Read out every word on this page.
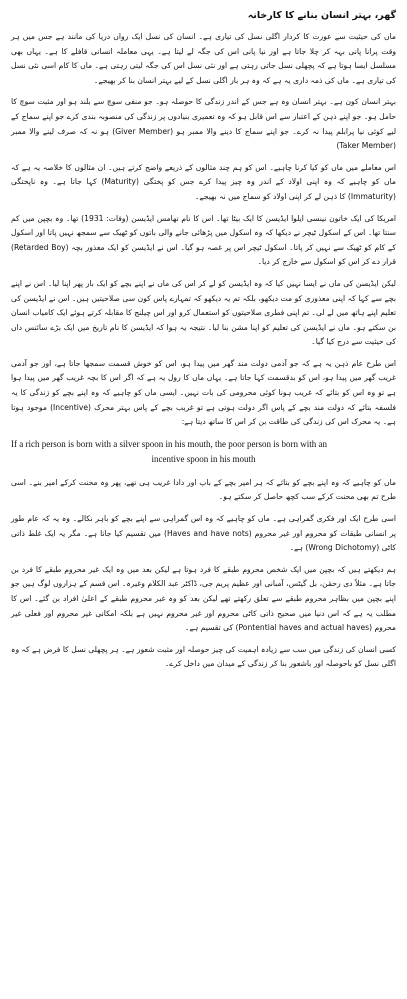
گھر، بہتر انسان بنانے کا کارخانہ

ماں کی حیثیت سے عورت کا کردار اگلی نسل کی تیاری ہے۔ انسان کی نسل ایک رواں دریا کی مانند ہے جس میں ہر وقت پرانا پانی بہہ کر چلا جاتا ہے اور نیا پانی اس کی جگہ لے لیتا ہے۔ یہی معاملہ انسانی قافلے کا ہے۔ یہاں بھی مسلسل ایسا ہوتا ہے کہ پچھلی نسل جاتی رہتی ہے اور نئی نسل اس کی جگہ لیتی رہتی ہے۔ ماں کا کام اسی نئی نسل کی تیاری ہے۔ ماں کی ذمہ داری یہ ہے کہ وہ ہر بار اگلی نسل کے لیے بہتر انسان بنا کر بھیجے۔

بہتر انسان کون ہے۔ بہتر انسان وہ ہے جس کے اندر زندگی کا حوصلہ ہو۔ جو منفی سوچ سے بلند ہو اور مثبت سوچ کا حامل ہو۔ جو اپنے ذہن کے اعتبار سے اس قابل ہو کہ وہ تعمیری بنیادوں پر زندگی کی منصوبہ بندی کرے جو اپنے سماج کے لیے کوئی نیا پرابلم پیدا نہ کرے۔ جو اپنے سماج کا دینے والا ممبر ہو (Giver Member) ہو نہ کہ صرف لینے والا ممبر (Taker Member)

اس معاملے میں ماں کو کیا کرنا چاہیے۔ اس کو ہم چند مثالوں کے ذریعے واضح کرتے ہیں۔ ان مثالوں کا خلاصہ یہ ہے کہ ماں کو چاہیے کہ وہ اپنی اولاد کے اندر وہ چیز پیدا کرے جس کو پختگی (Maturity) کہا جاتا ہے۔ وہ ناپختگی (Immaturity) کا ذہن لے کر اپنی اولاد کو سماج میں نہ بھیجے۔

امریکا کی ایک خاتون نینسی ایلوا ایڈیسن کا ایک بیٹا تھا۔ اس کا نام تھامس ایڈیسن (وفات: 1931) تھا۔ وہ بچپن میں کم سنتا تھا۔ اس کے اسکول ٹیچر نے دیکھا کہ وہ اسکول میں پڑھائی جانے والی باتوں کو ٹھیک سے سمجھ نہیں پاتا اور اسکول کے کام کو ٹھیک سے نہیں کر پاتا۔ اسکول ٹیچر اس پر غصہ ہو گیا۔ اس نے ایڈیسن کو ایک معذور بچہ (Retarded Boy) قرار دے کر اس کو اسکول سے خارج کر دیا۔

لیکن ایڈیسن کی ماں نے ایسا نہیں کیا کہ وہ ایڈیسن کو لے کر اس کی ماں نے اپنے بچے کو ایک بار پھر اپنا لیا۔ اس نے اپنے بچے سے کہا کہ اپنی معذوری کو مت دیکھو، بلکہ تم یہ دیکھو کہ تمہارے پاس کون سی صلاحیتیں ہیں۔ اس نے ایڈیسن کی تعلیم اپنے ہاتھ میں لے لی۔ تم اپنی فطری صلاحیتوں کو استعمال کرو اور اس چیلنج کا مقابلہ کرتے ہوئے ایک کامیاب انسان بن سکتے ہو۔ ماں نے ایڈیسن کی تعلیم کو اپنا مشن بنا لیا۔ نتیجہ یہ ہوا کہ ایڈیسن کا نام تاریخ میں ایک بڑے سائنس داں کی حیثیت سے درج کیا گیا۔

اس طرح عام ذہن یہ ہے کہ جو آدمی دولت مند گھر میں پیدا ہو، اس کو خوش قسمت سمجھا جاتا ہے، اور جو آدمی غریب گھر میں پیدا ہو، اس کو بدقسمت کہا جاتا ہے۔ یہاں ماں کا رول یہ ہے کہ اگر اس کا بچہ غریب گھر میں پیدا ہوا ہے تو وہ اس کو بتائے کہ غریب ہونا کوئی محرومی کی بات نہیں۔ ایسی ماں کو چاہیے کہ وہ اپنے بچے کو زندگی کا یہ فلسفہ بتائے کہ دولت مند بچے کے پاس اگر دولت ہوتی ہے تو غریب بچے کے پاس بہتر محرک (Incentive) موجود ہوتا ہے۔ یہ محرک اس کی زندگی کی طاقت بن کر اس کا ساتھ دیتا ہے:

If a rich person is born with a silver spoon in his mouth, the poor person is born with an
incentive spoon in his mouth

ماں کو چاہیے کہ وہ اپنے بچے کو بتائے کہ ہر امیر بچے کے باپ اور دادا غریب ہی تھے، پھر وہ محنت کرکے امیر بنے۔ اسی طرح تم بھی محنت کرکے سب کچھ حاصل کر سکتے ہو۔

اسی طرح ایک اور فکری گمراہی ہے۔ ماں کو چاہیے کہ وہ اس گمراہی سے اپنے بچے کو باہر نکالے۔ وہ یہ کہ عام طور پر انسانی طبقات کو محروم اور غیر محروم (Haves and have nots) میں تقسیم کیا جاتا ہے۔ مگر یہ ایک غلط ذاتی کاٹی (Wrong Dichotomy) ہے۔

ہم دیکھتے ہیں کہ بچپن میں ایک شخص محروم طبقے کا فرد ہوتا ہے لیکن بعد میں وہ ایک غیر محروم طبقے کا فرد بن جاتا ہے۔ مثلاً دی رحمٰن، بل گیٹس، آمبانی اور عظیم پریم جی، ڈاکٹر عبد الکلام وغیرہ۔ اس قسم کے ہزاروں لوگ ہیں جو اپنے بچپن میں بظاہر محروم طبقے سے تعلق رکھتے تھے لیکن بعد کو وہ غیر محروم طبقے کے اعلیٰ افراد بن گئے۔ اس کا مطلب یہ ہے کہ اس دنیا میں صحیح ذاتی کاٹی محروم اور غیر محروم نہیں ہے بلکہ امکانی غیر محروم اور فعلی غیر محروم (Pontential haves and actual haves) کی تقسیم ہے۔

کسی انسان کی زندگی میں سب سے زیادہ اہمیت کی چیز حوصلہ اور مثبت شعور ہے۔ ہر پچھلی نسل کا فرض ہے کہ وہ اگلی نسل کو باحوصلہ اور باشعور بنا کر زندگی کے میدان میں داخل کرے۔
